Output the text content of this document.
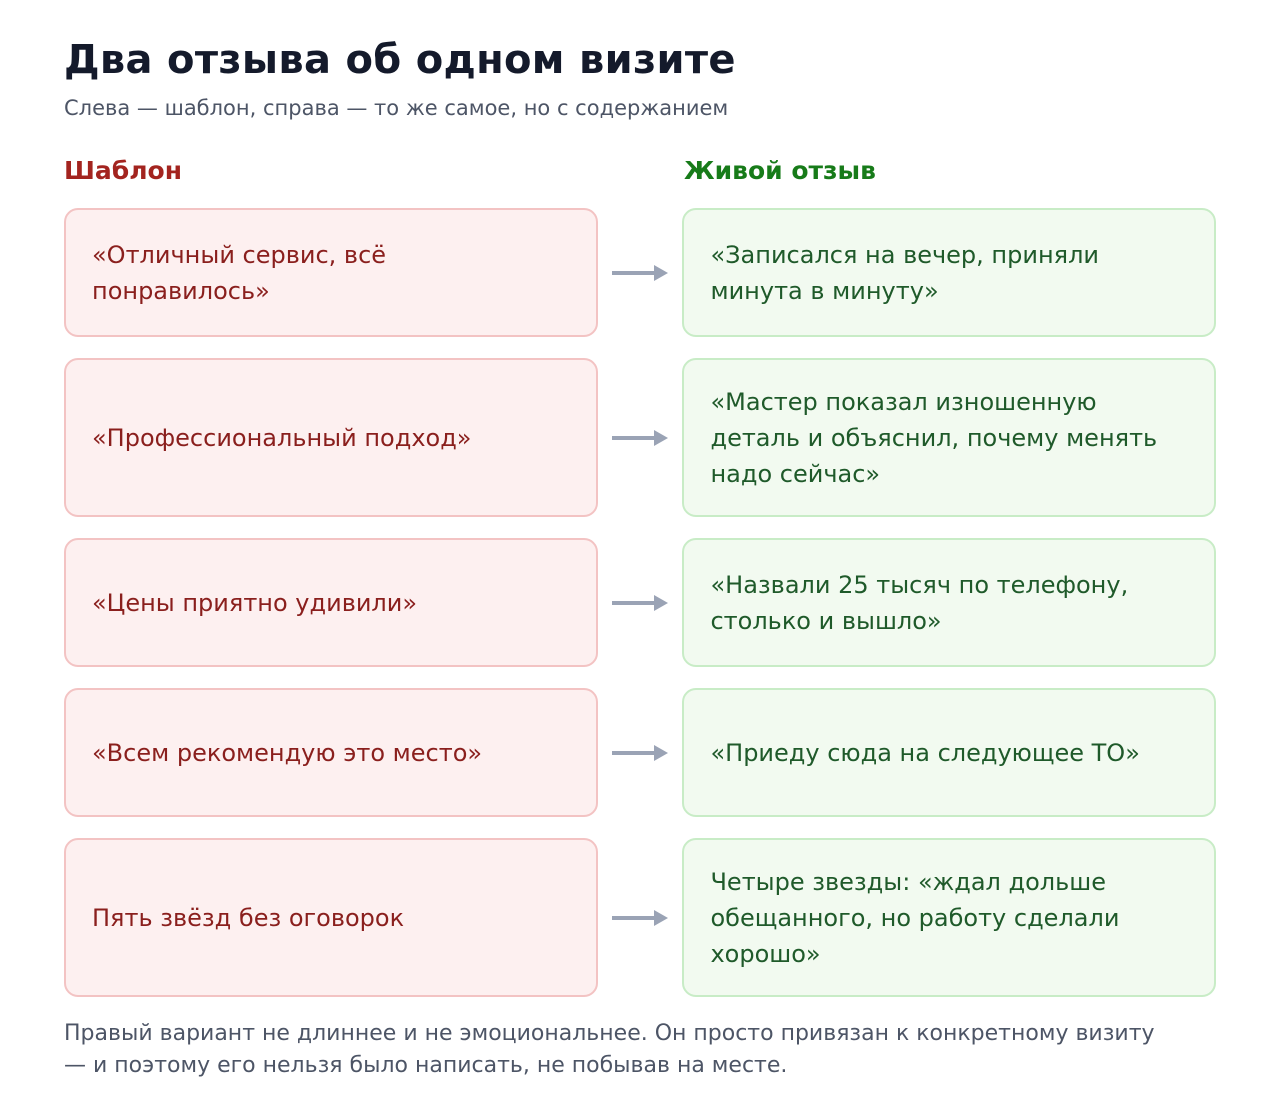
Два отзыва об одном визите

Слева — шаблон, справа — то же самое, но с содержанием

Шаблон	Живой отзыв
«Отличный сервис, всё понравилось»
«Записался на вечер, приняли минута в минуту»
«Профессиональный подход»
«Мастер показал изношенную деталь и объяснил, почему менять надо сейчас»
«Цены приятно удивили»
«Назвали 25 тысяч по телефону, столько и вышло»
«Всем рекомендую это место»	«Приеду сюда на следующее ТО»
Пять звёзд без оговорок
Четыре звезды: «ждал дольше обещанного, но работу сделали хорошо»

Правый вариант не длиннее и не эмоциональнее. Он просто привязан к конкретному визиту — и поэтому его нельзя было написать, не побывав на месте.
